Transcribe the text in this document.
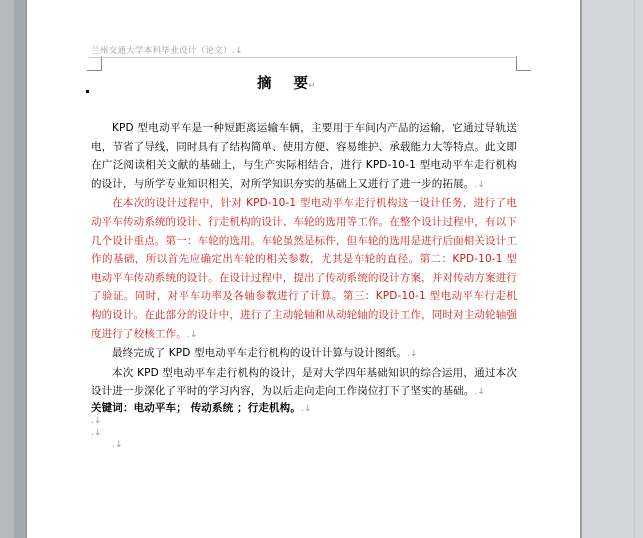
兰州交通大学本科毕业设计（论文）.↓
摘 要↵

KPD 型电动平车是一种短距离运输车辆，主要用于车间内产品的运输，它通过导轨送电，节省了导线，同时具有了结构简单、使用方便、容易维护、承载能力大等特点。此文即在广泛阅读相关文献的基础上，与生产实际相结合，进行 KPD-10-1 型电动平车走行机构的设计，与所学专业知识相关，对所学知识夯实的基础上又进行了进一步的拓展。.↓

在本次的设计过程中，针对 KPD-10-1 型电动平车走行机构这一设计任务，进行了电动平车传动系统的设计、行走机构的设计、车轮的选用等工作。在整个设计过程中，有以下几个设计重点。第一：车轮的选用。车轮虽然是标件，但车轮的选用是进行后面相关设计工作的基础，所以首先应确定出车轮的相关参数，尤其是车轮的直径。第二：KPD-10-1 型电动平车传动系统的设计。在设计过程中，提出了传动系统的设计方案，并对传动方案进行了验证。同时，对平车功率及各轴参数进行了计算。第三：KPD-10-1 型电动平车行走机构的设计。在此部分的设计中，进行了主动轮轴和从动轮轴的设计工作，同时对主动轮轴强度进行了校核工作。.↓

最终完成了 KPD 型电动平车走行机构的设计计算与设计图纸。.↓

本次 KPD 型电动平车走行机构的设计，是对大学四年基础知识的综合运用，通过本次设计进一步深化了平时的学习内容，为以后走向走向工作岗位打下了坚实的基础。.↓

关键词：电动平车； 传动系统 ；行走机构。.↓

.↓

.↓

.↓
